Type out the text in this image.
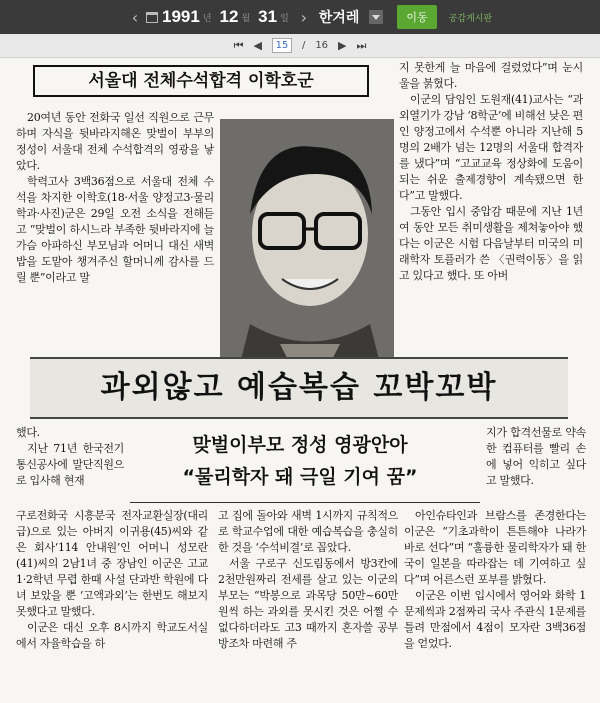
‹ 1991 년 12 월 31 일 › 한겨레	이동	공감게시판
⏮ ◀	15	/ 16 ▶ ⏭
서울대 전체수석합격 이학호군

20여년 동안 전화국 일선 직원으로 근무하며 자식을 뒷바라지해온 맞벌이 부부의 정성이 서울대 전체 수석합격의 영광을 낳았다.

학력고사 3백36점으로 서울대 전체 수석을 차지한 이학호(18·서울 양정고3·물리학과·사진)군은 29일 오전 소식을 전해듣고 “맞벌이 하시느라 부족한 뒷바라지에 늘 가슴 아파하신 부모님과 어머니 대신 새벽밥을 도맡아 챙겨주신 할머니께 감사를 드릴 뿐”이라고 말

지 못한게 늘 마음에 걸렸었다”며 눈시울을 붉혔다.

이군의 담임인 도원재(41)교사는 “과외열기가 강남 ‘8학군’에 비해선 낮은 편인 양정고에서 수석뿐 아니라 지난해 5명의 2배가 넘는 12명의 서울대 합격자를 냈다”며 “고교교육 정상화에 도움이 되는 쉬운 출제경향이 계속됐으면 한다”고 말했다.

그동안 입시 중압감 때문에 지난 1년여 동안 모든 취미생활을 제쳐놓아야 했다는 이군은 시험 다음날부터 미국의 미래학자 토플러가 쓴 〈권력이동〉을 읽고 있다고 했다. 또 아버

과외않고 예습복습 꼬박꼬박

했다.

지난 71년 한국전기통신공사에 말단직원으로 입사해 현재

맞벌이부모 정성 영광안아
“물리학자 돼 극일 기여 꿈”

지가 합격선물로 약속한 컴퓨터를 빨리 손에 넣어 익히고 싶다고 말했다.

구로전화국 시흥분국 전자교환실장(대리급)으로 있는 아버지 이귀용(45)씨와 같은 회사‘114 안내원’인 어머니 성모란(41)씨의 2남1녀 중 장남인 이군은 고교 1·2학년 무렵 한때 사설 단과반 학원에 다녀 보았을 뿐 ‘고액과외’는 한번도 해보지 못했다고 말했다.

이군은 대신 오후 8시까지 학교도서실에서 자율학습을 하

고 집에 돌아와 새벽 1시까지 규칙적으로 학교수업에 대한 예습복습을 충실히 한 것을 ‘수석비결’로 꼽았다.

서울 구로구 신도림동에서 방3칸에 2천만원짜리 전세를 살고 있는 이군의 부모는 “박봉으로 과목당 50만~60만원씩 하는 과외를 못시킨 것은 어쩔 수 없다하더라도 고3 때까지 혼자쓸 공부방조차 마련해 주

아인슈타인과 브람스를 존경한다는 이군은 “기초과학이 튼튼해야 나라가 바로 선다”며 “훌륭한 물리학자가 돼 한국이 일본을 따라잡는 데 기여하고 싶다”며 어른스런 포부를 밝혔다.

이군은 이번 입시에서 영어와 화학 1문제씩과 2점짜리 국사 주관식 1문제를 틀려 만점에서 4점이 모자란 3백36점을 얻었다.
